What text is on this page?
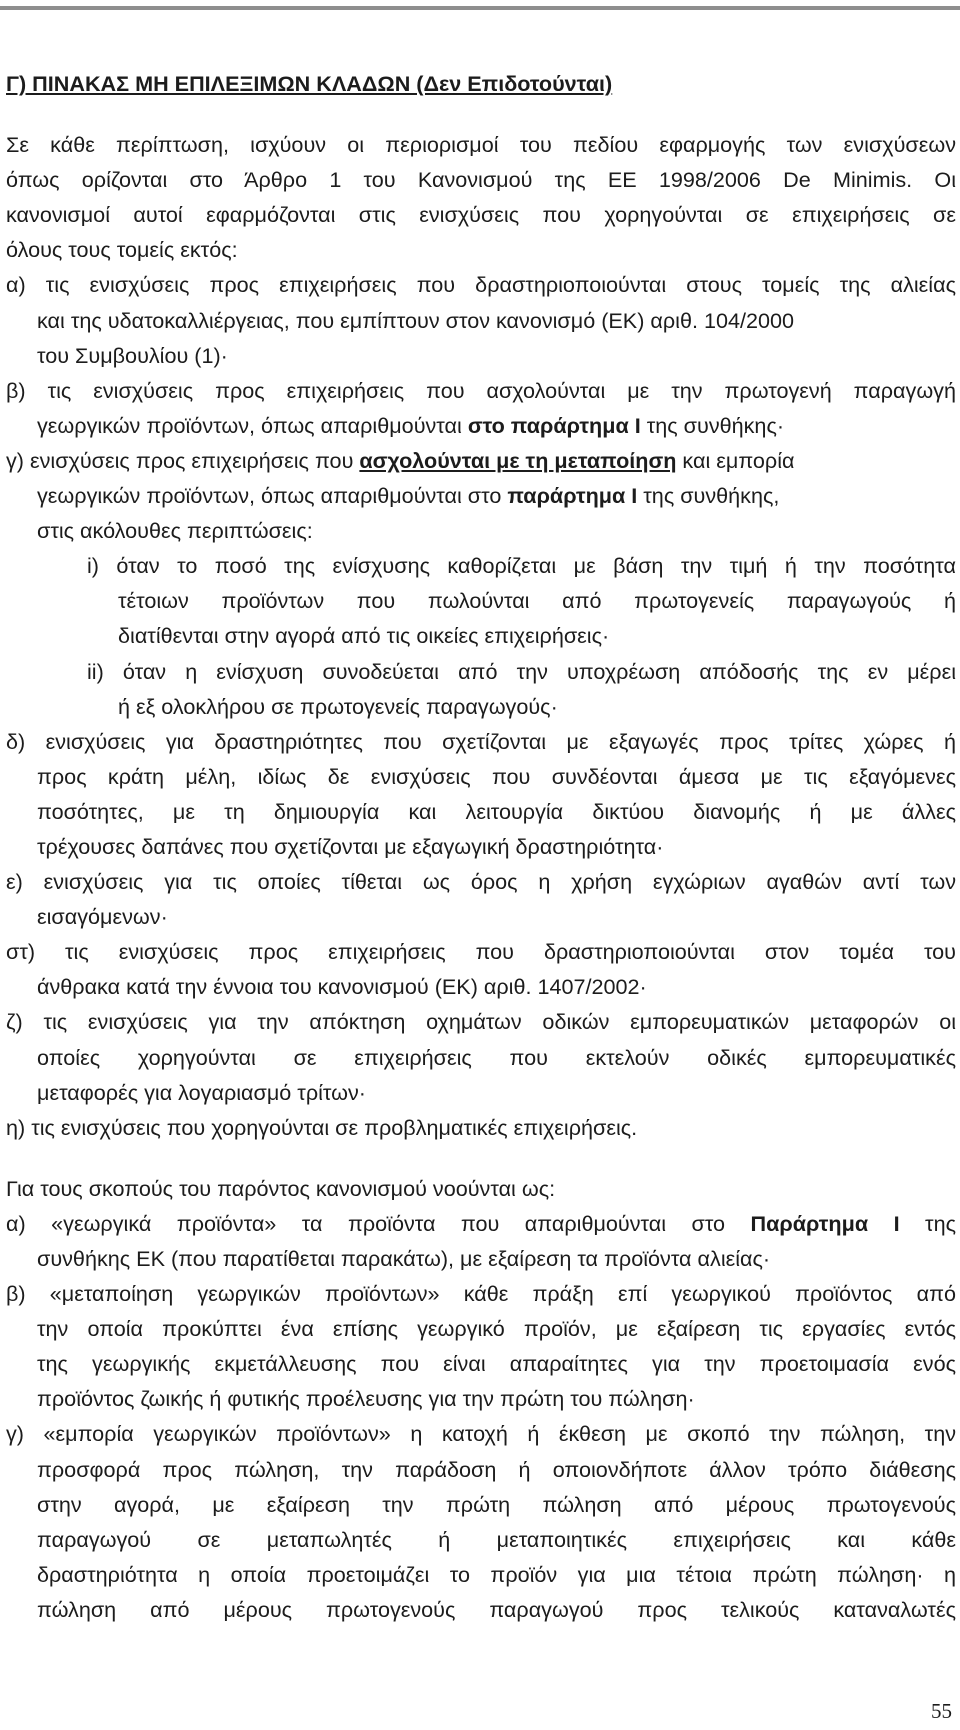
Γ) ΠΙΝΑΚΑΣ ΜΗ ΕΠΙΛΕΞΙΜΩΝ ΚΛΑΔΩΝ (Δεν Επιδοτούνται)
Σε κάθε περίπτωση, ισχύουν οι περιορισμοί του πεδίου εφαρμογής των ενισχύσεων
όπως ορίζονται στο Άρθρο 1 του Κανονισμού της ΕΕ 1998/2006 De Minimis. Οι
κανονισμοί αυτοί εφαρμόζονται στις ενισχύσεις που χορηγούνται σε επιχειρήσεις σε
όλους τους τομείς εκτός:
α) τις ενισχύσεις προς επιχειρήσεις που δραστηριοποιούνται στους τομείς της αλιείας
και της υδατοκαλλιέργειας, που εμπίπτουν στον κανονισμό (ΕΚ) αριθ. 104/2000
του Συμβουλίου (1)·
β) τις ενισχύσεις προς επιχειρήσεις που ασχολούνται με την πρωτογενή παραγωγή
γεωργικών προϊόντων, όπως απαριθμούνται στο παράρτημα Ι της συνθήκης·
γ) ενισχύσεις προς επιχειρήσεις που ασχολούνται με τη μεταποίηση και εμπορία
γεωργικών προϊόντων, όπως απαριθμούνται στο παράρτημα Ι της συνθήκης,
στις ακόλουθες περιπτώσεις:
i) όταν το ποσό της ενίσχυσης καθορίζεται με βάση την τιμή ή την ποσότητα
τέτοιων προϊόντων που πωλούνται από πρωτογενείς παραγωγούς ή
διατίθενται στην αγορά από τις οικείες επιχειρήσεις·
ii) όταν η ενίσχυση συνοδεύεται από την υποχρέωση απόδοσής της εν μέρει
ή εξ ολοκλήρου σε πρωτογενείς παραγωγούς·
δ) ενισχύσεις για δραστηριότητες που σχετίζονται με εξαγωγές προς τρίτες χώρες ή
προς κράτη μέλη, ιδίως δε ενισχύσεις που συνδέονται άμεσα με τις εξαγόμενες
ποσότητες, με τη δημιουργία και λειτουργία δικτύου διανομής ή με άλλες
τρέχουσες δαπάνες που σχετίζονται με εξαγωγική δραστηριότητα·
ε) ενισχύσεις για τις οποίες τίθεται ως όρος η χρήση εγχώριων αγαθών αντί των
εισαγόμενων·
στ) τις ενισχύσεις προς επιχειρήσεις που δραστηριοποιούνται στον τομέα του
άνθρακα κατά την έννοια του κανονισμού (ΕΚ) αριθ. 1407/2002·
ζ) τις ενισχύσεις για την απόκτηση οχημάτων οδικών εμπορευματικών μεταφορών οι
οποίες χορηγούνται σε επιχειρήσεις που εκτελούν οδικές εμπορευματικές
μεταφορές για λογαριασμό τρίτων·
η) τις ενισχύσεις που χορηγούνται σε προβληματικές επιχειρήσεις.
Για τους σκοπούς του παρόντος κανονισμού νοούνται ως:
α) «γεωργικά προϊόντα» τα προϊόντα που απαριθμούνται στο Παράρτημα Ι της
συνθήκης ΕΚ (που παρατίθεται παρακάτω), με εξαίρεση τα προϊόντα αλιείας·
β) «μεταποίηση γεωργικών προϊόντων» κάθε πράξη επί γεωργικού προϊόντος από
την οποία προκύπτει ένα επίσης γεωργικό προϊόν, με εξαίρεση τις εργασίες εντός
της γεωργικής εκμετάλλευσης που είναι απαραίτητες για την προετοιμασία ενός
προϊόντος ζωικής ή φυτικής προέλευσης για την πρώτη του πώληση·
γ) «εμπορία γεωργικών προϊόντων» η κατοχή ή έκθεση με σκοπό την πώληση, την
προσφορά προς πώληση, την παράδοση ή οποιονδήποτε άλλον τρόπο διάθεσης
στην αγορά, με εξαίρεση την πρώτη πώληση από μέρους πρωτογενούς
παραγωγού σε μεταπωλητές ή μεταποιητικές επιχειρήσεις και κάθε
δραστηριότητα η οποία προετοιμάζει το προϊόν για μια τέτοια πρώτη πώληση· η
πώληση από μέρους πρωτογενούς παραγωγού προς τελικούς καταναλωτές
55
